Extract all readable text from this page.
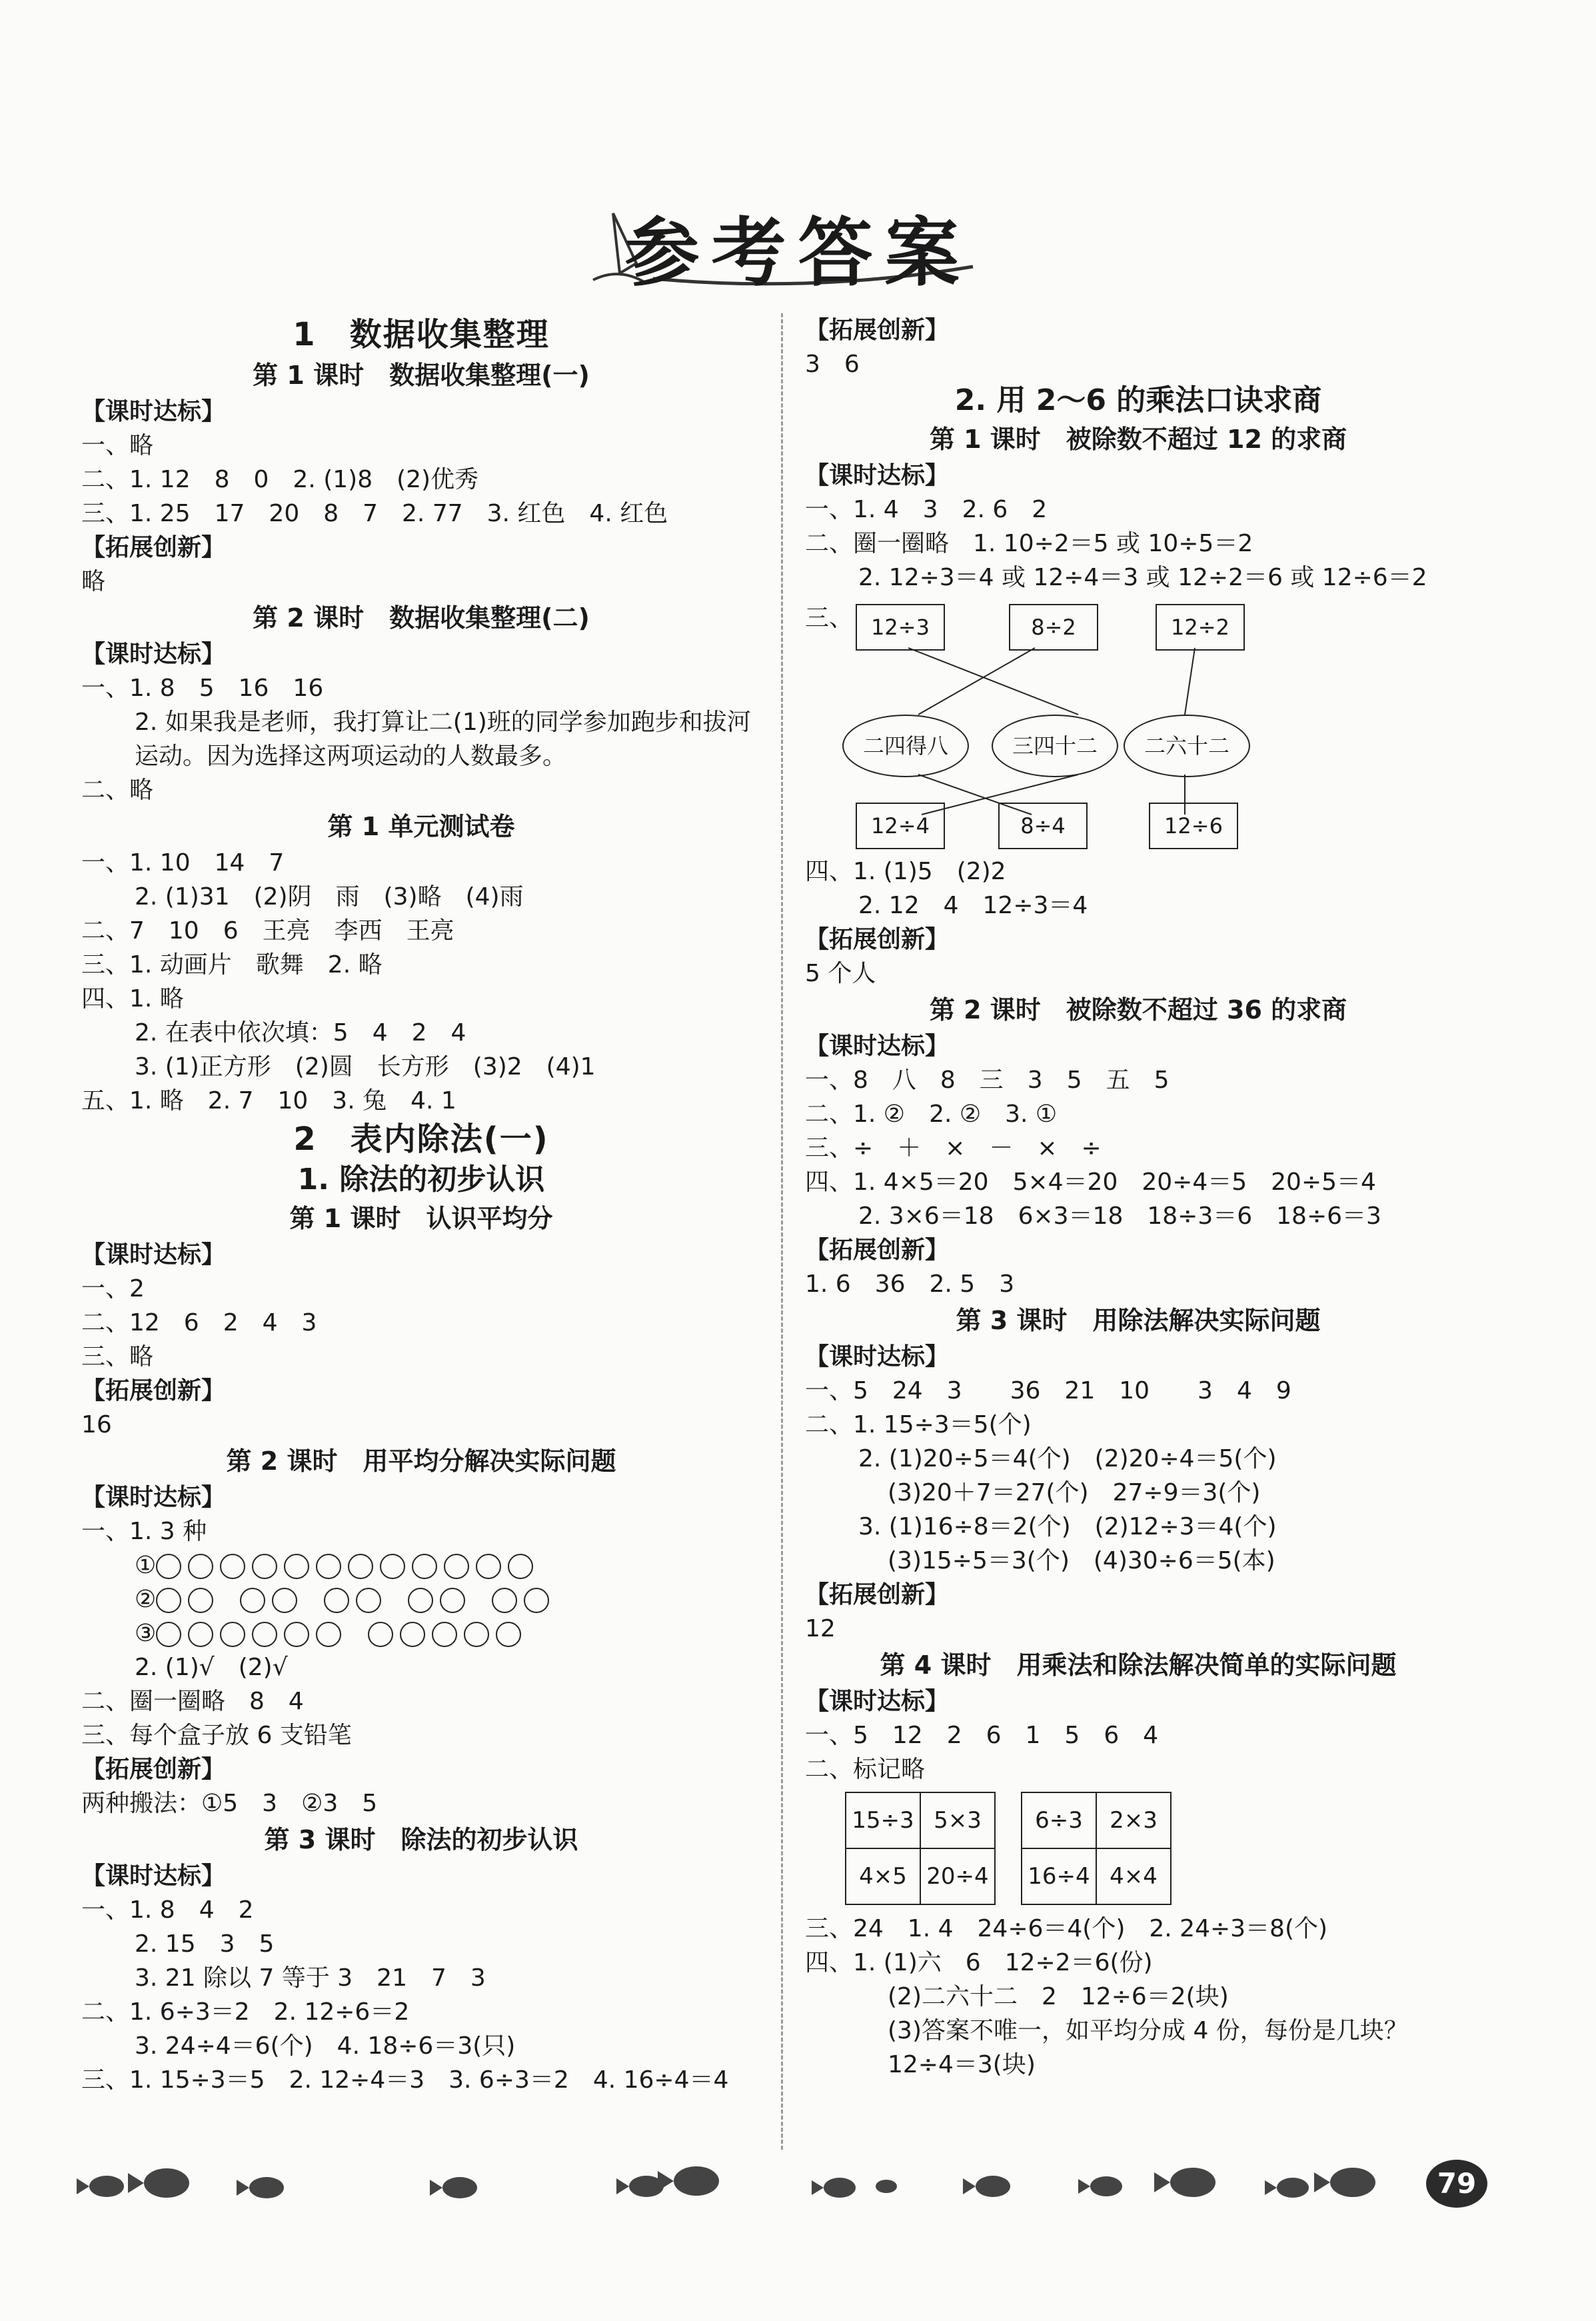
参考答案
1　数据收集整理
第 1 课时　数据收集整理(一)
【课时达标】
一、略
二、1. 12　8　0　2. (1)8　(2)优秀
三、1. 25　17　20　8　7　2. 77　3. 红色　4. 红色
【拓展创新】
略
第 2 课时　数据收集整理(二)
【课时达标】
一、1. 8　5　16　16
2. 如果我是老师，我打算让二(1)班的同学参加跑步和拔河
运动。因为选择这两项运动的人数最多。
二、略
第 1 单元测试卷
一、1. 10　14　7
2. (1)31　(2)阴　雨　(3)略　(4)雨
二、7　10　6　王亮　李西　王亮
三、1. 动画片　歌舞　2. 略
四、1. 略
2. 在表中依次填：5　4　2　4
3. (1)正方形　(2)圆　长方形　(3)2　(4)1
五、1. 略　2. 7　10　3. 兔　4. 1
2　表内除法(一)
1. 除法的初步认识
第 1 课时　认识平均分
【课时达标】
一、2
二、12　6　2　4　3
三、略
【拓展创新】
16
第 2 课时　用平均分解决实际问题
【课时达标】
一、1. 3 种
①
②
③
2. (1)√　(2)√
二、圈一圈略　8　4
三、每个盒子放 6 支铅笔
【拓展创新】
两种搬法：①5　3　②3　5
第 3 课时　除法的初步认识
【课时达标】
一、1. 8　4　2
2. 15　3　5
3. 21 除以 7 等于 3　21　7　3
二、1. 6÷3＝2　2. 12÷6＝2
3. 24÷4＝6(个)　4. 18÷6＝3(只)
三、1. 15÷3＝5　2. 12÷4＝3　3. 6÷3＝2　4. 16÷4＝4
【拓展创新】
3　6
2. 用 2～6 的乘法口诀求商
第 1 课时　被除数不超过 12 的求商
【课时达标】
一、1. 4　3　2. 6　2
二、圈一圈略　1. 10÷2＝5 或 10÷5＝2
2. 12÷3＝4 或 12÷4＝3 或 12÷2＝6 或 12÷6＝2
三、 12÷3	8÷2	12÷2
二四得八	三四十二	二六十二
12÷4	8÷4	12÷6
四、1. (1)5　(2)2
2. 12　4　12÷3＝4
【拓展创新】
5 个人
第 2 课时　被除数不超过 36 的求商
【课时达标】
一、8　八　8　三　3　5　五　5
二、1. ②　2. ②　3. ①
三、÷　＋　×　－　×　÷
四、1. 4×5＝20　5×4＝20　20÷4＝5　20÷5＝4
2. 3×6＝18　6×3＝18　18÷3＝6　18÷6＝3
【拓展创新】
1. 6　36　2. 5　3
第 3 课时　用除法解决实际问题
【课时达标】
一、5　24　3　　36　21　10　　3　4　9
二、1. 15÷3＝5(个)
2. (1)20÷5＝4(个)　(2)20÷4＝5(个)
(3)20＋7＝27(个)　27÷9＝3(个)
3. (1)16÷8＝2(个)　(2)12÷3＝4(个)
(3)15÷5＝3(个)　(4)30÷6＝5(本)
【拓展创新】
12
第 4 课时　用乘法和除法解决简单的实际问题
【课时达标】
一、5　12　2　6　1　5　6　4
二、标记略
15÷3	5×3
4×5	20÷4
6÷3	2×3
16÷4	4×4
三、24　1. 4　24÷6＝4(个)　2. 24÷3＝8(个)
四、1. (1)六　6　12÷2＝6(份)
(2)二六十二　2　12÷6＝2(块)
(3)答案不唯一，如平均分成 4 份，每份是几块？
12÷4＝3(块)
79
